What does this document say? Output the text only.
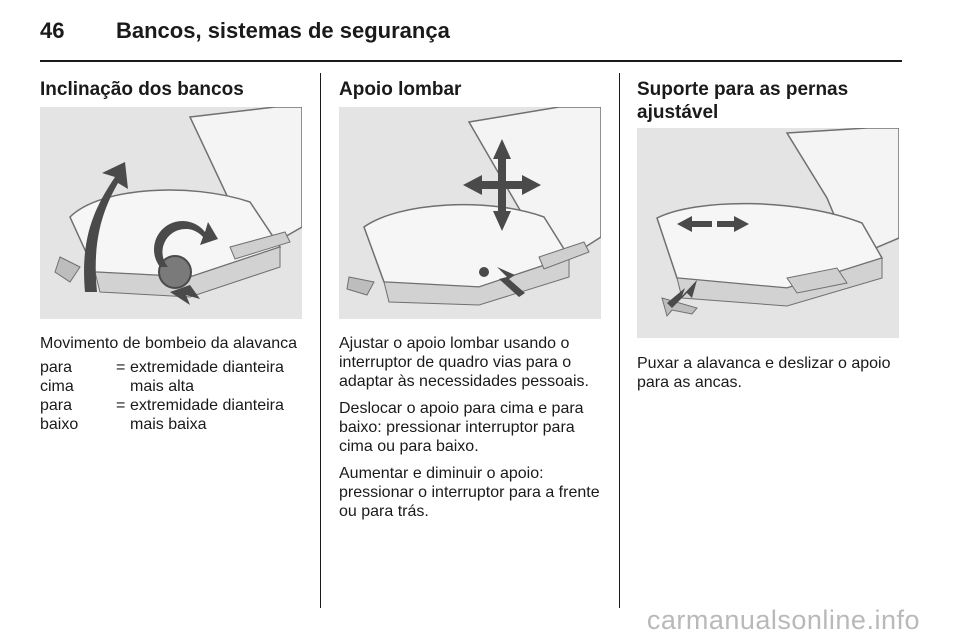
46 Bancos, sistemas de segurança
Inclinação dos bancos
Movimento de bombeio da alavanca
para cima
= extremidade dianteira mais alta
para baixo
= extremidade dianteira mais baixa
Apoio lombar

Ajustar o apoio lombar usando o interruptor de quadro vias para o adaptar às necessidades pessoais.

Deslocar o apoio para cima e para baixo: pressionar interruptor para cima ou para baixo.

Aumentar e diminuir o apoio: pressionar o interruptor para a frente ou para trás.

Suporte para as pernas ajustável

Puxar a alavanca e deslizar o apoio para as ancas.

carmanualsonline.info
